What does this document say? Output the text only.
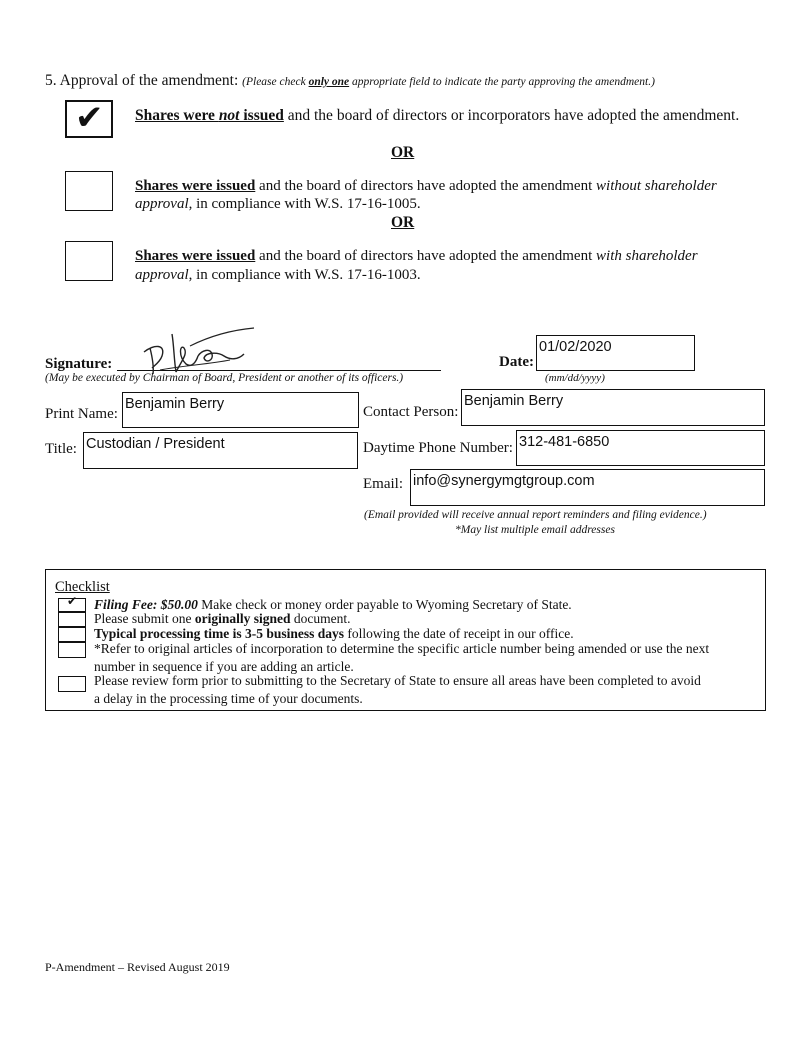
5. Approval of the amendment: (Please check only one appropriate field to indicate the party approving the amendment.)
✔ Shares were not issued and the board of directors or incorporators have adopted the amendment.
OR
Shares were issued and the board of directors have adopted the amendment without shareholder
approval, in compliance with W.S. 17-16-1005.
OR
Shares were issued and the board of directors have adopted the amendment with shareholder
approval, in compliance with W.S. 17-16-1003.
Signature:
(May be executed by Chairman of Board, President or another of its officers.)
Date:
01/02/2020
(mm/dd/yyyy)
Print Name:
Benjamin Berry	Contact Person:
Benjamin Berry
Title: Custodian / President	Daytime Phone Number: 312-481-6850
Email: info@synergymgtgroup.com
(Email provided will receive annual report reminders and filing evidence.)
*May list multiple email addresses
Checklist
✔ Filing Fee: $50.00 Make check or money order payable to Wyoming Secretary of State.
Please submit one originally signed document.
Typical processing time is 3-5 business days following the date of receipt in our office.
*Refer to original articles of incorporation to determine the specific article number being amended or use the next
number in sequence if you are adding an article.
Please review form prior to submitting to the Secretary of State to ensure all areas have been completed to avoid
a delay in the processing time of your documents.
P-Amendment – Revised August 2019
